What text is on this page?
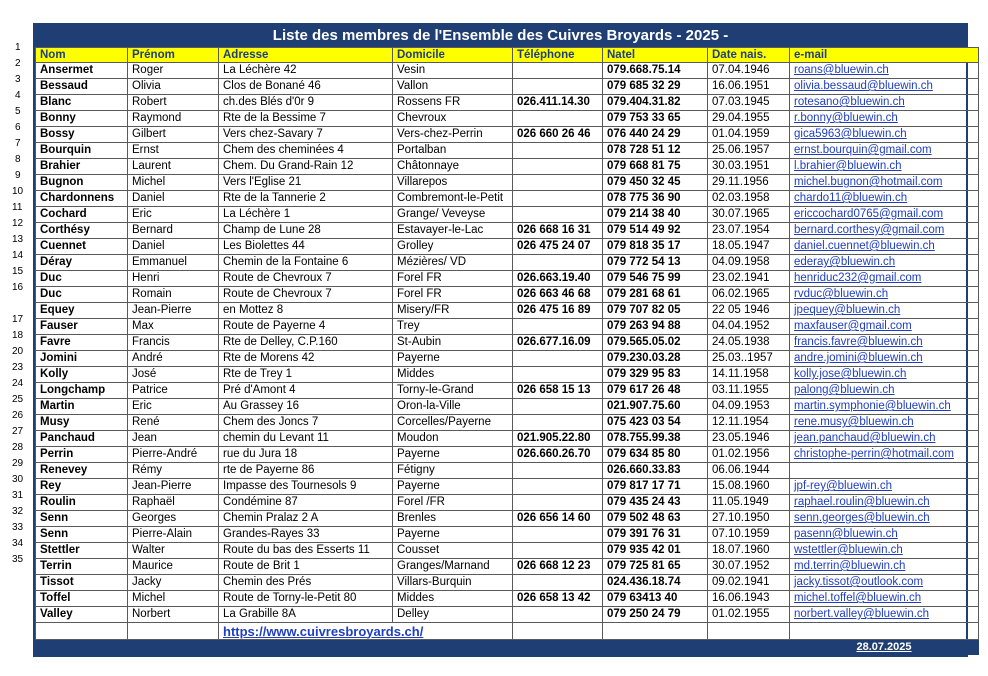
1
2
3
4
5
6
7
8
9
10
11
12
13
14
15
16
17
18
20
23
24
25
26
27
28
29
30
31
32
33
34
35
Liste des membres de l'Ensemble des Cuivres Broyards - 2025 -
Nom	Prénom	Adresse	Domicile	Téléphone	Natel	Date nais.	e-mail
Ansermet	Roger	La Léchère 42	Vesin		079.668.75.14	07.04.1946	roans@bluewin.ch
Bessaud	Olivia	Clos de Bonané 46	Vallon		079 685 32 29	16.06.1951	olivia.bessaud@bluewin.ch
Blanc	Robert	ch.des Blés d'0r 9	Rossens FR	026.411.14.30	079.404.31.82	07.03.1945	rotesano@bluewin.ch
Bonny	Raymond	Rte de la Bessime 7	Chevroux		079 753 33 65	29.04.1955	r.bonny@bluewin.ch
Bossy	Gilbert	Vers chez-Savary 7	Vers-chez-Perrin	026 660 26 46	076 440 24 29	01.04.1959	gica5963@bluewin.ch
Bourquin	Ernst	Chem des cheminées 4	Portalban		078 728 51 12	25.06.1957	ernst.bourquin@gmail.com
Brahier	Laurent	Chem. Du Grand-Rain 12	Châtonnaye		079 668 81 75	30.03.1951	l.brahier@bluewin.ch
Bugnon	Michel	Vers l'Eglise 21	Villarepos		079 450 32 45	29.11.1956	michel.bugnon@hotmail.com
Chardonnens	Daniel	Rte de la Tannerie 2	Combremont-le-Petit		078 775 36 90	02.03.1958	chardo11@bluewin.ch
Cochard	Eric	La Léchère 1	Grange/ Veveyse		079 214 38 40	30.07.1965	ericcochard0765@gmail.com
Corthésy	Bernard	Champ de Lune 28	Estavayer-le-Lac	026 668 16 31	079 514 49 92	23.07.1954	bernard.corthesy@gmail.com
Cuennet	Daniel	Les Biolettes 44	Grolley	026 475 24 07	079 818 35 17	18.05.1947	daniel.cuennet@bluewin.ch
Déray	Emmanuel	Chemin de la Fontaine 6	Mézières/ VD		079 772 54 13	04.09.1958	ederay@bluewin.ch
Duc	Henri	Route de Chevroux 7	Forel FR	026.663.19.40	079 546 75 99	23.02.1941	henriduc232@gmail.com
Duc	Romain	Route de Chevroux 7	Forel FR	026 663 46 68	079 281 68 61	06.02.1965	rvduc@bluewin.ch
Equey	Jean-Pierre	en Mottez 8	Misery/FR	026 475 16 89	079 707 82 05	22 05 1946	jpequey@bluewin.ch
Fauser	Max	Route de Payerne 4	Trey		079 263 94 88	04.04.1952	maxfauser@gmail.com
Favre	Francis	Rte de Delley, C.P.160	St-Aubin	026.677.16.09	079.565.05.02	24.05.1938	francis.favre@bluewin.ch
Jomini	André	Rte de Morens 42	Payerne		079.230.03.28	25.03..1957	andre.jomini@bluewin.ch
Kolly	José	Rte de Trey 1	Middes		079 329 95 83	14.11.1958	kolly.jose@bluewin.ch
Longchamp	Patrice	Pré d'Amont 4	Torny-le-Grand	026 658 15 13	079 617 26 48	03.11.1955	palong@bluewin.ch
Martin	Eric	Au Grassey 16	Oron-la-Ville		021.907.75.60	04.09.1953	martin.symphonie@bluewin.ch
Musy	René	Chem des Joncs 7	Corcelles/Payerne		075 423 03 54	12.11.1954	rene.musy@bluewin.ch
Panchaud	Jean	chemin du Levant 11	Moudon	021.905.22.80	078.755.99.38	23.05.1946	jean.panchaud@bluewin.ch
Perrin	Pierre-André	rue du Jura 18	Payerne	026.660.26.70	079 634 85 80	01.02.1956	christophe-perrin@hotmail.com
Renevey	Rémy	rte de Payerne 86	Fétigny		026.660.33.83	06.06.1944	
Rey	Jean-Pierre	Impasse des Tournesols 9	Payerne		079 817 17 71	15.08.1960	jpf-rey@bluewin.ch
Roulin	Raphaël	Condémine 87	Forel /FR		079 435 24 43	11.05.1949	raphael.roulin@bluewin.ch
Senn	Georges	Chemin Pralaz 2 A	Brenles	026 656 14 60	079 502 48 63	27.10.1950	senn.georges@bluewin.ch
Senn	Pierre-Alain	Grandes-Rayes 33	Payerne		079 391 76 31	07.10.1959	pasenn@bluewin.ch
Stettler	Walter	Route du bas des Esserts 11	Cousset		079 935 42 01	18.07.1960	wstettler@bluewin.ch
Terrin	Maurice	Route de Brit 1	Granges/Marnand	026 668 12 23	079 725 81 65	30.07.1952	md.terrin@bluewin.ch
Tissot	Jacky	Chemin des Prés	Villars-Burquin		024.436.18.74	09.02.1941	jacky.tissot@outlook.com
Toffel	Michel	Route de Torny-le-Petit 80	Middes	026 658 13 42	079 63413 40	16.06.1943	michel.toffel@bluewin.ch
Valley	Norbert	La Grabille 8A	Delley		079 250 24 79	01.02.1955	norbert.valley@bluewin.ch
		https://www.cuivresbroyards.ch/					
							28.07.2025
